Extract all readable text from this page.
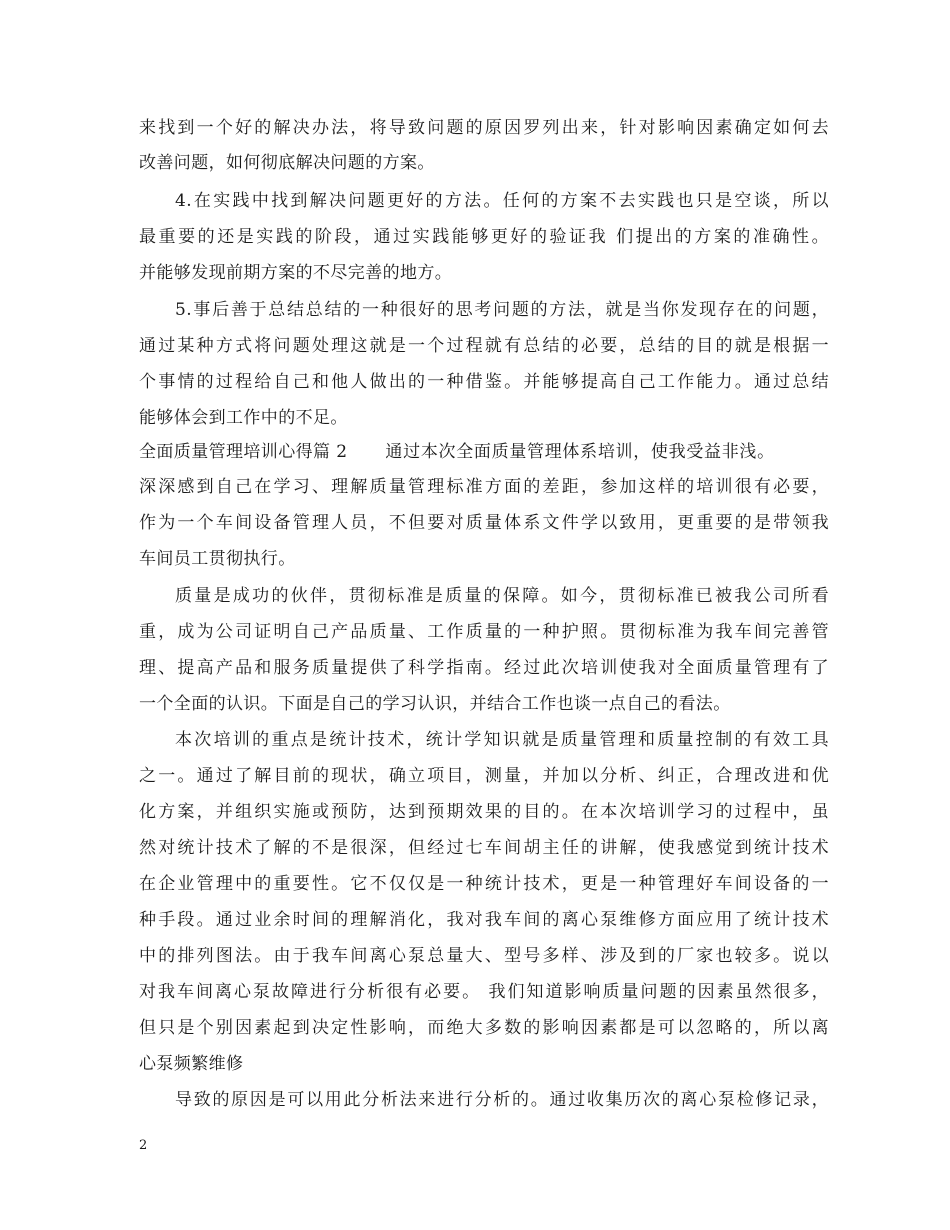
来找到一个好的解决办法，将导致问题的原因罗列出来，针对影响因素确定如何去
改善问题，如何彻底解决问题的方案。
4.在实践中找到解决问题更好的方法。任何的方案不去实践也只是空谈，所以
最重要的还是实践的阶段，通过实践能够更好的验证我 们提出的方案的准确性。
并能够发现前期方案的不尽完善的地方。
5.事后善于总结总结的一种很好的思考问题的方法，就是当你发现存在的问题，
通过某种方式将问题处理这就是一个过程就有总结的必要，总结的目的就是根据一
个事情的过程给自己和他人做出的一种借鉴。并能够提高自己工作能力。通过总结
能够体会到工作中的不足。
全面质量管理培训心得篇 2 通过本次全面质量管理体系培训，使我受益非浅。
深深感到自己在学习、理解质量管理标准方面的差距，参加这样的培训很有必要，
作为一个车间设备管理人员，不但要对质量体系文件学以致用，更重要的是带领我
车间员工贯彻执行。
质量是成功的伙伴，贯彻标准是质量的保障。如今，贯彻标准已被我公司所看
重，成为公司证明自己产品质量、工作质量的一种护照。贯彻标准为我车间完善管
理、提高产品和服务质量提供了科学指南。经过此次培训使我对全面质量管理有了
一个全面的认识。下面是自己的学习认识，并结合工作也谈一点自己的看法。
本次培训的重点是统计技术，统计学知识就是质量管理和质量控制的有效工具
之一。通过了解目前的现状，确立项目，测量，并加以分析、纠正，合理改进和优
化方案，并组织实施或预防，达到预期效果的目的。在本次培训学习的过程中，虽
然对统计技术了解的不是很深，但经过七车间胡主任的讲解，使我感觉到统计技术
在企业管理中的重要性。它不仅仅是一种统计技术，更是一种管理好车间设备的一
种手段。通过业余时间的理解消化，我对我车间的离心泵维修方面应用了统计技术
中的排列图法。由于我车间离心泵总量大、型号多样、涉及到的厂家也较多。说以
对我车间离心泵故障进行分析很有必要。 我们知道影响质量问题的因素虽然很多，
但只是个别因素起到决定性影响，而绝大多数的影响因素都是可以忽略的，所以离
心泵频繁维修
导致的原因是可以用此分析法来进行分析的。通过收集历次的离心泵检修记录，
2
